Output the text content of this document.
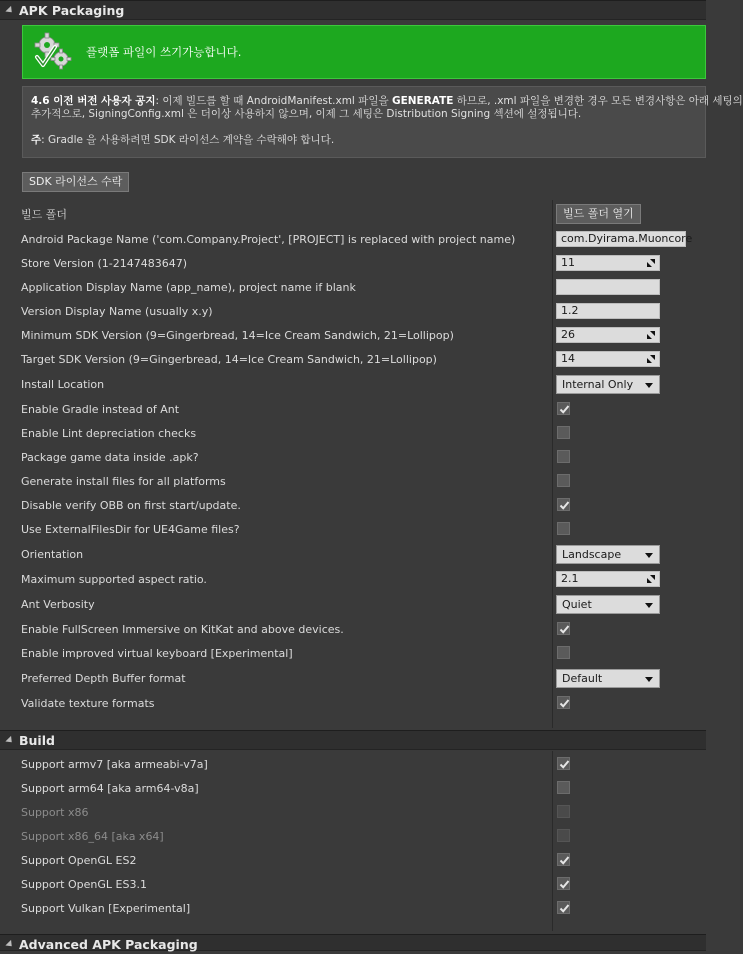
APK Packaging
플랫폼 파일이 쓰기가능합니다.
4.6 이전 버전 사용자 공지: 이제 빌드를 할 때 AndroidManifest.xml 파일을 GENERATE 하므로, .xml 파일을 변경한 경우 모든 변경사항은 아래 세팅의
추가적으로, SigningConfig.xml 은 더이상 사용하지 않으며, 이제 그 세팅은 Distribution Signing 섹션에 설정됩니다.
주: Gradle 을 사용하려면 SDK 라이선스 계약을 수락해야 합니다.
SDK 라이선스 수락
빌드 폴더	빌드 폴더 열기
Android Package Name ('com.Company.Project', [PROJECT] is replaced with project name)	com.Dyirama.Muoncore
Store Version (1-2147483647)	11
Application Display Name (app_name), project name if blank
Version Display Name (usually x.y)	1.2
Minimum SDK Version (9=Gingerbread, 14=Ice Cream Sandwich, 21=Lollipop)	26
Target SDK Version (9=Gingerbread, 14=Ice Cream Sandwich, 21=Lollipop)	14
Install Location	Internal Only
Enable Gradle instead of Ant
Enable Lint depreciation checks
Package game data inside .apk?
Generate install files for all platforms
Disable verify OBB on first start/update.
Use ExternalFilesDir for UE4Game files?
Orientation	Landscape
Maximum supported aspect ratio.	2.1
Ant Verbosity	Quiet
Enable FullScreen Immersive on KitKat and above devices.
Enable improved virtual keyboard [Experimental]
Preferred Depth Buffer format	Default
Validate texture formats
Build
Support armv7 [aka armeabi-v7a]
Support arm64 [aka arm64-v8a]
Support x86
Support x86_64 [aka x64]
Support OpenGL ES2
Support OpenGL ES3.1
Support Vulkan [Experimental]
Advanced APK Packaging
